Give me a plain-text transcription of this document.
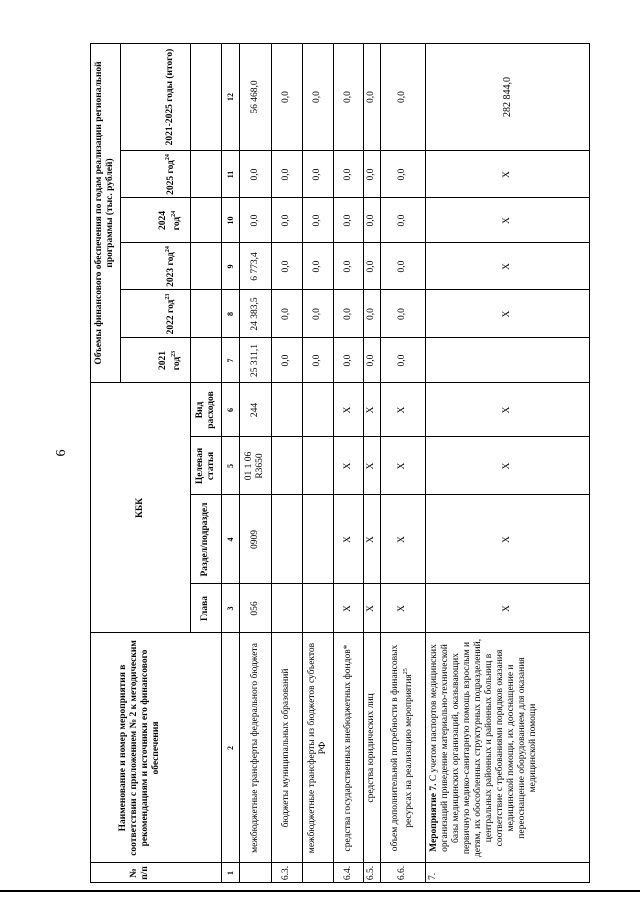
6
№ п/п
Наименование и номер мероприятия в соответствии с приложением № 2 к методическим рекомендациям и источники его финансового обеспечения
КБК
Объемы финансового обеспечения по годам реализации региональной программы (тыс. рублей)
Глава
Раздел/подраздел
Целевая статья
Вид расходов
2021 год$^{23}$
2022 год$^{23}$
2023 год$^{24}$
2024 год$^{24}$
2025 год$^{24}$
2021-2025 годы (итого)
1
2
3
4
5
6
7
8
9
10
11
12
межбюджетные трансферты федерального бюджета
056
0909
01 1 06 R3650
244
25 311,1
24 383,5
6 773,4
0,0
0,0
56 468,0
6.3.
бюджеты муниципальных образований
0,0
0,0
0,0
0,0
0,0
0,0
межбюджетные трансферты из бюджетов субъектов РФ
0,0
0,0
0,0
0,0
0,0
0,0
6.4.
средства государственных внебюджетных фондов*
X
X
X
X
0,0
0,0
0,0
0,0
0,0
0,0
6.5.
средства юридических лиц
X
X
X
X
0,0
0,0
0,0
0,0
0,0
0,0
6.6.
объем дополнительной потребности в финансовых ресурсах на реализацию мероприятия$^{25}$
X
X
X
X
0,0
0,0
0,0
0,0
0,0
0,0
7.
Мероприятие 7. С учетом паспортов медицинских организаций приведение материально-технической базы медицинских организаций, оказывающих первичную медико-санитарную помощь взрослым и детям, их обособленных структурных подразделений, центральных районных и районных больниц в соответствие с требованиями порядков оказания медицинской помощи, их дооснащение и переоснащение оборудованием для оказания медицинской помощи
X
X
X
X
X
X
X
X
282 844,0
